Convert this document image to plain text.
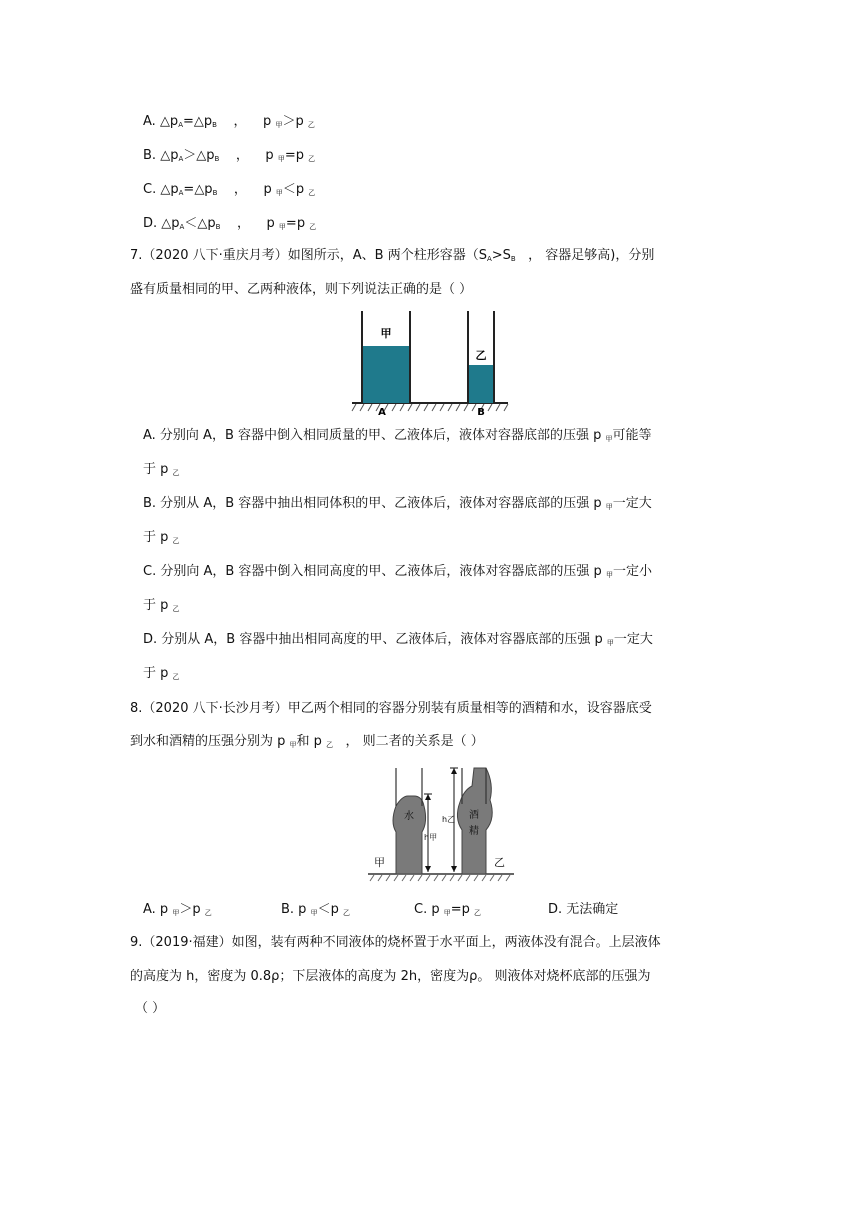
A. $\triangle p_A=\triangle p_B$ ， p $_甲$＞p $_乙$
B. $\triangle p_A>\triangle p_B$ ， p $_甲$=p $_乙$
C. $\triangle p_A=\triangle p_B$ ， p $_甲$＜p $_乙$
D. $\triangle p_A<\triangle p_B$ ， p $_甲$=p $_乙$
7.（2020 八下·重庆月考）如图所示，A、B 两个柱形容器（$S_A>S_B$ ， 容器足够高)，分别
盛有质量相同的甲、乙两种液体，则下列说法正确的是（ ）
甲
A
乙
B
A. 分别向 A，B 容器中倒入相同质量的甲、乙液体后，液体对容器底部的压强 p $_甲$可能等
于 p $_乙$
B. 分别从 A，B 容器中抽出相同体积的甲、乙液体后，液体对容器底部的压强 p $_甲$一定大
于 p $_乙$
C. 分别向 A，B 容器中倒入相同高度的甲、乙液体后，液体对容器底部的压强 p $_甲$一定小
于 p $_乙$
D. 分别从 A，B 容器中抽出相同高度的甲、乙液体后，液体对容器底部的压强 p $_甲$一定大
于 p $_乙$
8.（2020 八下·长沙月考）甲乙两个相同的容器分别装有质量相等的酒精和水，设容器底受
到水和酒精的压强分别为 p $_甲$和 p $_乙$ ， 则二者的关系是（ ）
水
甲
酒
精
乙
h甲
h乙
A. p $_甲$＞p $_乙$	B. p $_甲$＜p $_乙$	C. p $_甲$=p $_乙$	D. 无法确定
9.（2019·福建）如图，装有两种不同液体的烧杯置于水平面上，两液体没有混合。上层液体
的高度为 h，密度为 0.8ρ；下层液体的高度为 2h，密度为ρ。 则液体对烧杯底部的压强为
（ ）
